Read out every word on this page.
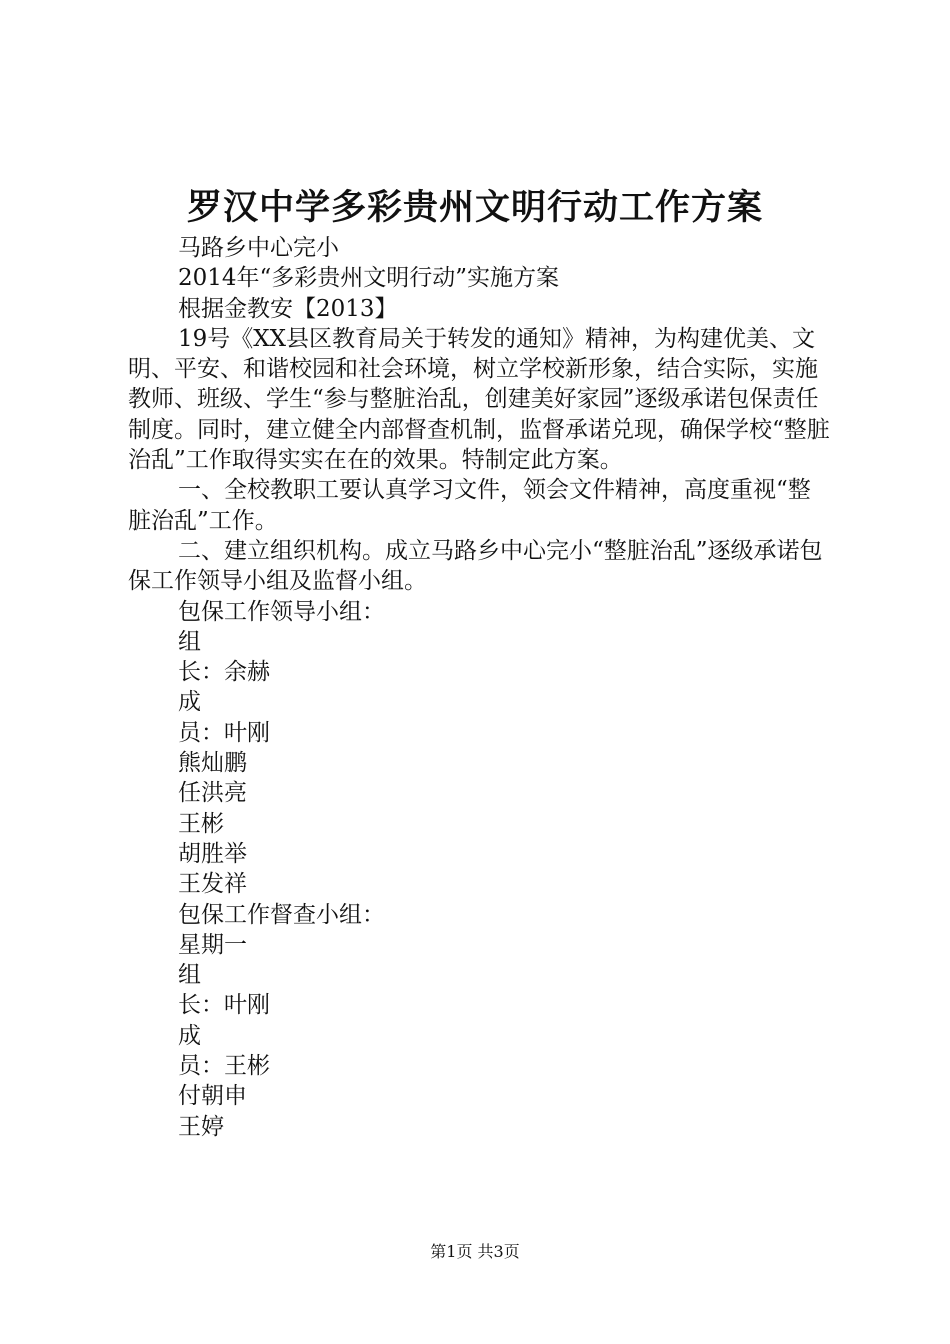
罗汉中学多彩贵州文明行动工作方案

马路乡中心完小

2014年“多彩贵州文明行动”实施方案

根据金教安【2013】

19号《XX县区教育局关于转发的通知》精神，为构建优美、文明、平安、和谐校园和社会环境，树立学校新形象，结合实际，实施教师、班级、学生“参与整脏治乱，创建美好家园”逐级承诺包保责任制度。同时，建立健全内部督查机制，监督承诺兑现，确保学校“整脏治乱”工作取得实实在在的效果。特制定此方案。

一、全校教职工要认真学习文件，领会文件精神，高度重视“整脏治乱”工作。

二、建立组织机构。成立马路乡中心完小“整脏治乱”逐级承诺包保工作领导小组及监督小组。

包保工作领导小组：

组

长：余赫

成

员：叶刚

熊灿鹏

任洪亮

王彬

胡胜举

王发祥

包保工作督查小组：

星期一

组

长：叶刚

成

员：王彬

付朝申

王婷

第1页 共3页
